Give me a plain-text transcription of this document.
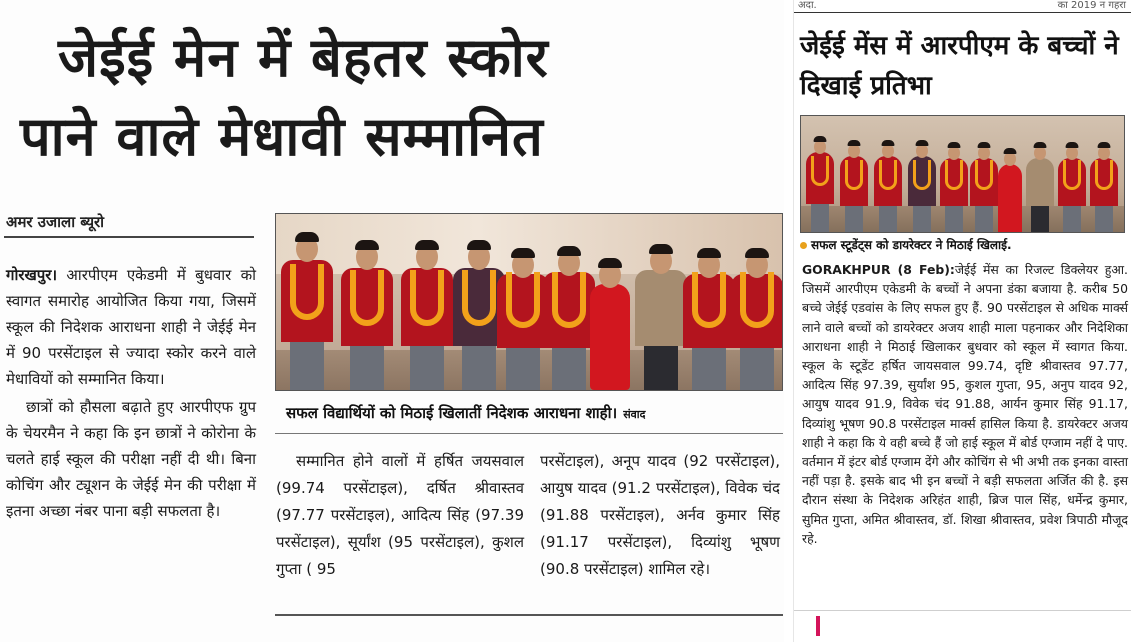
जेईई मेन में बेहतर स्कोर
पाने वाले मेधावी सम्मानित
अमर उजाला ब्यूरो

गोरखपुर। आरपीएम एकेडमी में बुधवार को स्वागत समारोह आयोजित किया गया, जिसमें स्कूल की निदेशक आराधना शाही ने जेईई मेन में 90 परसेंटाइल से ज्यादा स्कोर करने वाले मेधावियों को सम्मानित किया।

छात्रों को हौसला बढ़ाते हुए आरपीएफ ग्रुप के चेयरमैन ने कहा कि इन छात्रों ने कोरोना के चलते हाई स्कूल की परीक्षा नहीं दी थी। बिना कोचिंग और ट्यूशन के जेईई मेन की परीक्षा में इतना अच्छा नंबर पाना बड़ी सफलता है।

सफल विद्यार्थियों को मिठाई खिलातीं निदेशक आराधना शाही। संवाद
सम्मानित होने वालों में हर्षित जयसवाल (99.74 परसेंटाइल), दर्षित श्रीवास्तव (97.77 परसेंटाइल), आदित्य सिंह (97.39 परसेंटाइल), सूर्यांश (95 परसेंटाइल), कुशल गुप्ता ( 95
परसेंटाइल), अनूप यादव (92 परसेंटाइल), आयुष यादव (91.2 परसेंटाइल), विवेक चंद (91.88 परसेंटाइल), अर्नव कुमार सिंह (91.17 परसेंटाइल), दिव्यांशु भूषण (90.8 परसेंटाइल) शामिल रहे।
अदा.	का 2019 न गहरा
जेईई मेंस में आरपीएम के बच्चों ने दिखाई प्रतिभा
सफल स्टूडेंट्स को डायरेक्टर ने मिठाई खिलाई.
GORAKHPUR (8 Feb):जेईई मेंस का रिजल्ट डिक्लेयर हुआ. जिसमें आरपीएम एकेडमी के बच्चों ने अपना डंका बजाया है. करीब 50 बच्चे जेईई एडवांस के लिए सफल हुए हैं. 90 परसेंटाइल से अधिक मार्क्स लाने वाले बच्चों को डायरेक्टर अजय शाही माला पहनाकर और निदेशिका आराधना शाही ने मिठाई खिलाकर बुधवार को स्कूल में स्वागत किया. स्कूल के स्टूडेंट हर्षित जायसवाल 99.74, दृष्टि श्रीवास्तव 97.77, आदित्य सिंह 97.39, सुर्यांश 95, कुशल गुप्ता, 95, अनुप यादव 92, आयुष यादव 91.9, विवेक चंद 91.88, आर्यन कुमार सिंह 91.17, दिव्यांशु भूषण 90.8 परसेंटाइल मार्क्स हासिल किया है. डायरेक्टर अजय शाही ने कहा कि ये वही बच्चे हैं जो हाई स्कूल में बोर्ड एग्जाम नहीं दे पाए. वर्तमान में इंटर बोर्ड एग्जाम देंगे और कोचिंग से भी अभी तक इनका वास्ता नहीं पड़ा है. इसके बाद भी इन बच्चों ने बड़ी सफलता अर्जित की है. इस दौरान संस्था के निदेशक अरिहंत शाही, ब्रिज पाल सिंह, धर्मेन्द्र कुमार, सुमित गुप्ता, अमित श्रीवास्तव, डॉ. शिखा श्रीवास्तव, प्रवेश त्रिपाठी मौजूद रहे.
